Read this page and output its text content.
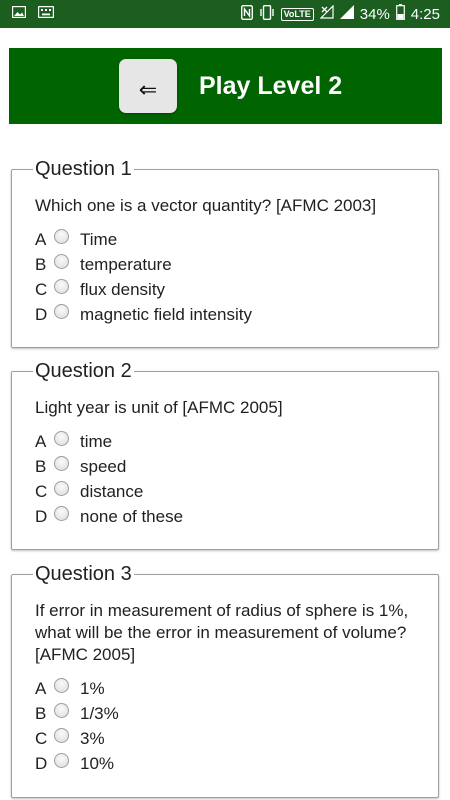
VoLTE	34% 4:25
⇐ Play Level 2
Question 1
Which one is a vector quantity? [AFMC 2003]
A Time
B temperature
C flux density
D magnetic field intensity
Question 2
Light year is unit of [AFMC 2005]
A time
B speed
C distance
D none of these
Question 3
If error in measurement of radius of sphere is 1%, what will be the error in measurement of volume? [AFMC 2005]
A 1%
B 1/3%
C 3%
D 10%
